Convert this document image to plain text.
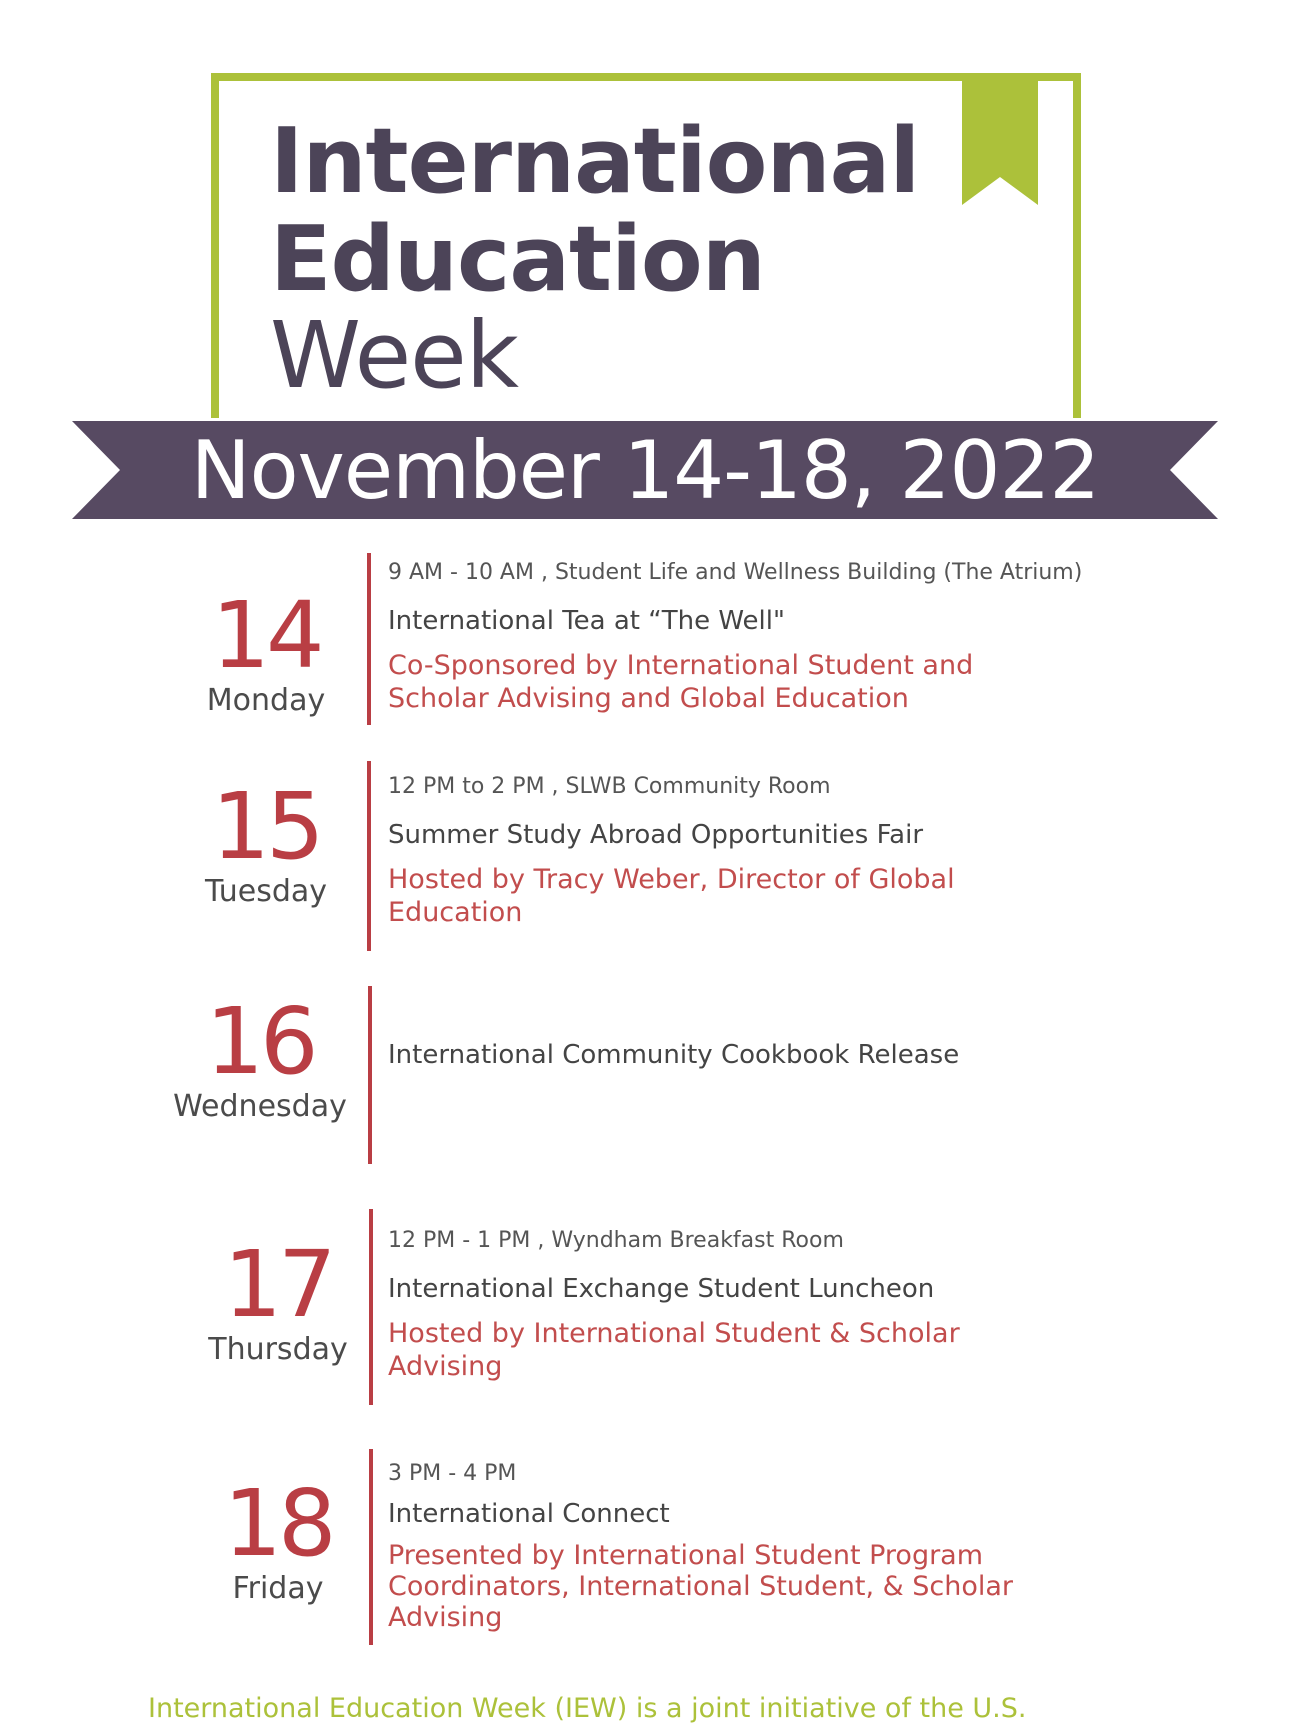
International
Education
Week
November 14-18, 2022
14
Monday
9 AM - 10 AM , Student Life and Wellness Building (The Atrium)
International Tea at “The Well"
Co-Sponsored by International Student and Scholar Advising and Global Education
15
Tuesday
12 PM to 2 PM , SLWB Community Room
Summer Study Abroad Opportunities Fair
Hosted by Tracy Weber, Director of Global Education
16
Wednesday
International Community Cookbook Release
17
Thursday
12 PM - 1 PM , Wyndham Breakfast Room
International Exchange Student Luncheon
Hosted by International Student & Scholar Advising
18
Friday
3 PM - 4 PM
International Connect
Presented by International Student Program Coordinators, International Student, & Scholar Advising

International Education Week (IEW) is a joint initiative of the U.S.
